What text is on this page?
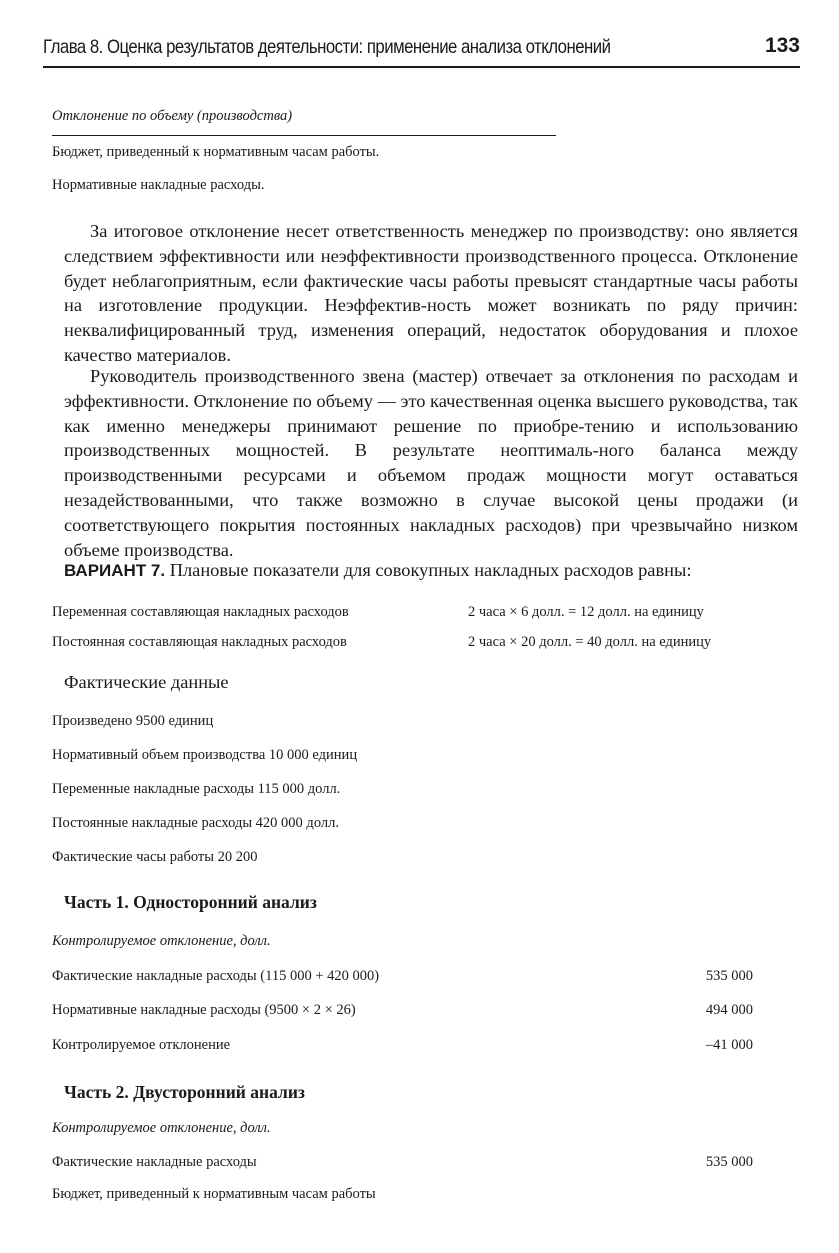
Глава 8. Оценка результатов деятельности: применение анализа отклонений	133
Отклонение по объему (производства)
Бюджет, приведенный к нормативным часам работы.
Нормативные накладные расходы.
За итоговое отклонение несет ответственность менеджер по производству: оно является следствием эффективности или неэффективности производственного процесса. Отклонение будет неблагоприятным, если фактические часы работы превысят стандартные часы работы на изготовление продукции. Неэффектив-ность может возникать по ряду причин: неквалифицированный труд, изменения операций, недостаток оборудования и плохое качество материалов.
Руководитель производственного звена (мастер) отвечает за отклонения по расходам и эффективности. Отклонение по объему — это качественная оценка высшего руководства, так как именно менеджеры принимают решение по приобре-тению и использованию производственных мощностей. В результате неоптималь-ного баланса между производственными ресурсами и объемом продаж мощности могут оставаться незадействованными, что также возможно в случае высокой цены продажи (и соответствующего покрытия постоянных накладных расходов) при чрезвычайно низком объеме производства.
ВАРИАНТ 7. Плановые показатели для совокупных накладных расходов равны:
Переменная составляющая накладных расходов	2 часа × 6 долл. = 12 долл. на единицу
Постоянная составляющая накладных расходов	2 часа × 20 долл. = 40 долл. на единицу
Фактические данные
Произведено 9500 единиц
Нормативный объем производства 10 000 единиц
Переменные накладные расходы 115 000 долл.
Постоянные накладные расходы 420 000 долл.
Фактические часы работы 20 200
Часть 1. Односторонний анализ
Контролируемое отклонение, долл.
Фактические накладные расходы (115 000 + 420 000)	535 000
Нормативные накладные расходы (9500 × 2 × 26)	494 000
Контролируемое отклонение	–41 000
Часть 2. Двусторонний анализ
Контролируемое отклонение, долл.
Фактические накладные расходы	535 000
Бюджет, приведенный к нормативным часам работы
